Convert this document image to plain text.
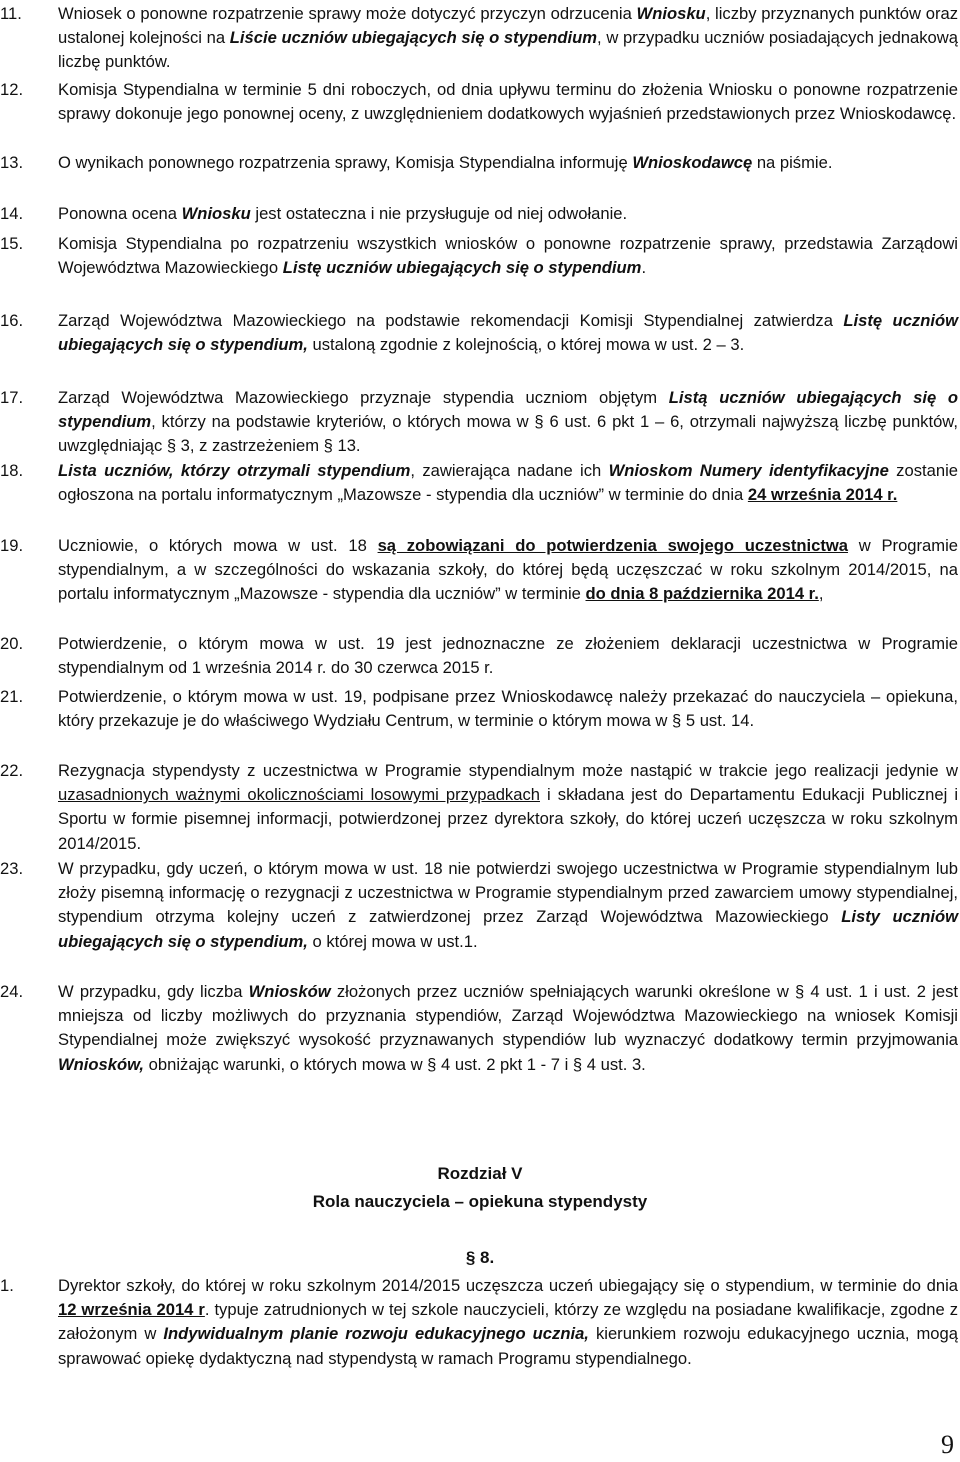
11.	Wniosek o ponowne rozpatrzenie sprawy może dotyczyć przyczyn odrzucenia Wniosku, liczby przyznanych punktów oraz ustalonej kolejności na Liście uczniów ubiegających się o stypendium, w przypadku uczniów posiadających jednakową liczbę punktów.
12.	Komisja Stypendialna w terminie 5 dni roboczych, od dnia upływu terminu do złożenia Wniosku o ponowne rozpatrzenie sprawy dokonuje jego ponownej oceny, z uwzględnieniem dodatkowych wyjaśnień przedstawionych przez Wnioskodawcę.
13.	O wynikach ponownego rozpatrzenia sprawy, Komisja Stypendialna informuję Wnioskodawcę na piśmie.
14.	Ponowna ocena Wniosku jest ostateczna i nie przysługuje od niej odwołanie.
15.	Komisja Stypendialna po rozpatrzeniu wszystkich wniosków o ponowne rozpatrzenie sprawy, przedstawia Zarządowi Województwa Mazowieckiego Listę uczniów ubiegających się o stypendium.
16.	Zarząd Województwa Mazowieckiego na podstawie rekomendacji Komisji Stypendialnej zatwierdza Listę uczniów ubiegających się o stypendium, ustaloną zgodnie z kolejnością, o której mowa w ust. 2 – 3.
17.	Zarząd Województwa Mazowieckiego przyznaje stypendia uczniom objętym Listą uczniów ubiegających się o stypendium, którzy na podstawie kryteriów, o których mowa w § 6 ust. 6 pkt 1 – 6, otrzymali najwyższą liczbę punktów, uwzględniając § 3, z zastrzeżeniem § 13.
18.	Lista uczniów, którzy otrzymali stypendium, zawierająca nadane ich Wnioskom Numery identyfikacyjne zostanie ogłoszona na portalu informatycznym „Mazowsze - stypendia dla uczniów” w terminie do dnia 24 września 2014 r.
19.	Uczniowie, o których mowa w ust. 18 są zobowiązani do potwierdzenia swojego uczestnictwa w Programie stypendialnym, a w szczególności do wskazania szkoły, do której będą uczęszczać w roku szkolnym 2014/2015, na portalu informatycznym „Mazowsze - stypendia dla uczniów” w terminie do dnia 8 października 2014 r.,
20.	Potwierdzenie, o którym mowa w ust. 19 jest jednoznaczne ze złożeniem deklaracji uczestnictwa w Programie stypendialnym od 1 września 2014 r. do 30 czerwca 2015 r.
21.	Potwierdzenie, o którym mowa w ust. 19, podpisane przez Wnioskodawcę należy przekazać do nauczyciela – opiekuna, który przekazuje je do właściwego Wydziału Centrum, w terminie o którym mowa w § 5 ust. 14.
22.	Rezygnacja stypendysty z uczestnictwa w Programie stypendialnym może nastąpić w trakcie jego realizacji jedynie w uzasadnionych ważnymi okolicznościami losowymi przypadkach i składana jest do Departamentu Edukacji Publicznej i Sportu w formie pisemnej informacji, potwierdzonej przez dyrektora szkoły, do której uczeń uczęszcza w roku szkolnym 2014/2015.
23.	W przypadku, gdy uczeń, o którym mowa w ust. 18 nie potwierdzi swojego uczestnictwa w Programie stypendialnym lub złoży pisemną informację o rezygnacji z uczestnictwa w Programie stypendialnym przed zawarciem umowy stypendialnej, stypendium otrzyma kolejny uczeń z zatwierdzonej przez Zarząd Województwa Mazowieckiego Listy uczniów ubiegających się o stypendium, o której mowa w ust.1.
24.	W przypadku, gdy liczba Wniosków złożonych przez uczniów spełniających warunki określone w § 4 ust. 1 i ust. 2 jest mniejsza od liczby możliwych do przyznania stypendiów, Zarząd Województwa Mazowieckiego na wniosek Komisji Stypendialnej może zwiększyć wysokość przyznawanych stypendiów lub wyznaczyć dodatkowy termin przyjmowania Wniosków, obniżając warunki, o których mowa w § 4 ust. 2 pkt 1 - 7 i § 4 ust. 3.
Rozdział V
Rola nauczyciela – opiekuna stypendysty
§ 8.
1.	Dyrektor szkoły, do której w roku szkolnym 2014/2015 uczęszcza uczeń ubiegający się o stypendium, w terminie do dnia 12 września 2014 r. typuje zatrudnionych w tej szkole nauczycieli, którzy ze względu na posiadane kwalifikacje, zgodne z założonym w Indywidualnym planie rozwoju edukacyjnego ucznia, kierunkiem rozwoju edukacyjnego ucznia, mogą sprawować opiekę dydaktyczną nad stypendystą w ramach Programu stypendialnego.
9
